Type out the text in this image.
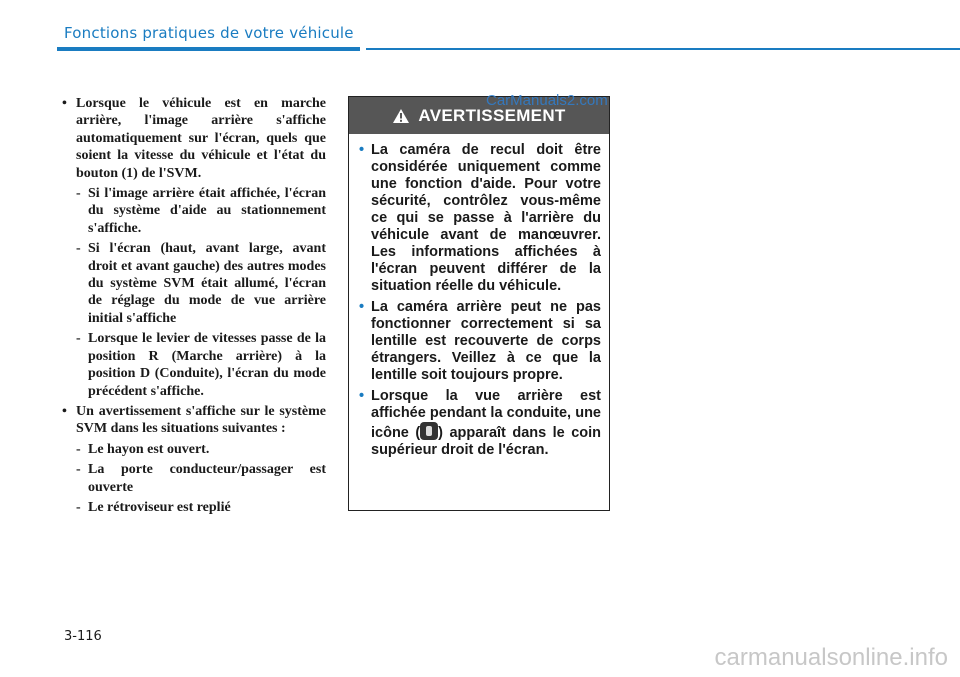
Fonctions pratiques de votre véhicule
• Lorsque le véhicule est en marche arrière, l'image arrière s'affiche automatiquement sur l'écran, quels que soient la vitesse du véhicule et l'état du bouton (1) de l'SVM.
- Si l'image arrière était affichée, l'écran du système d'aide au stationnement s'affiche.
- Si l'écran (haut, avant large, avant droit et avant gauche) des autres modes du système SVM était allumé, l'écran de réglage du mode de vue arrière initial s'affiche
- Lorsque le levier de vitesses passe de la position R (Marche arrière) à la position D (Conduite), l'écran du mode précédent s'affiche.
• Un avertissement s'affiche sur le système SVM dans les situations suivantes :
- Le hayon est ouvert.
- La porte conducteur/passager est ouverte
- Le rétroviseur est replié
AVERTISSEMENT
• La caméra de recul doit être considérée uniquement comme une fonction d'aide. Pour votre sécurité, contrôlez vous-même ce qui se passe à l'arrière du véhicule avant de manœuvrer. Les informations affichées à l'écran peuvent différer de la situation réelle du véhicule.
• La caméra arrière peut ne pas fonctionner correctement si sa lentille est recouverte de corps étrangers. Veillez à ce que la lentille soit toujours propre.
• Lorsque la vue arrière est affichée pendant la conduite, une icône ( ) apparaît dans le coin supérieur droit de l'écran.
CarManuals2.com
3-116
carmanualsonline.info
